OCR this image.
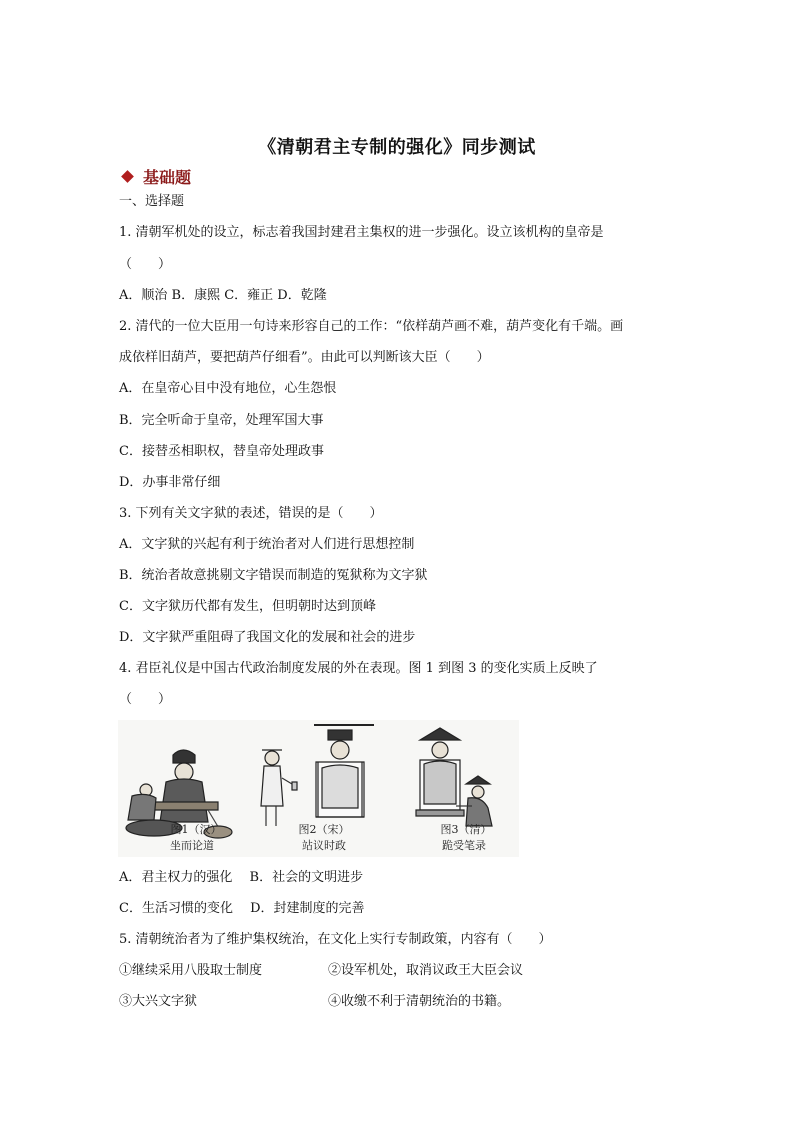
《清朝君主专制的强化》同步测试
基础题
一、选择题
1. 清朝军机处的设立，标志着我国封建君主集权的进一步强化。设立该机构的皇帝是
（　　）
A．顺治 B．康熙 C．雍正 D．乾隆
2. 清代的一位大臣用一句诗来形容自己的工作：“依样葫芦画不难，葫芦变化有千端。画
成依样旧葫芦，要把葫芦仔细看”。由此可以判断该大臣（　　）
A．在皇帝心目中没有地位，心生怨恨
B．完全听命于皇帝，处理军国大事
C．接替丞相职权，替皇帝处理政事
D．办事非常仔细
3. 下列有关文字狱的表述，错误的是（　　）
A．文字狱的兴起有利于统治者对人们进行思想控制
B．统治者故意挑剔文字错误而制造的冤狱称为文字狱
C．文字狱历代都有发生，但明朝时达到顶峰
D．文字狱严重阻碍了我国文化的发展和社会的进步
4. 君臣礼仪是中国古代政治制度发展的外在表现。图 1 到图 3 的变化实质上反映了
（　　）
图1（汉）
坐而论道
图2（宋）
站议时政
图3（清）
跪受笔录
A．君主权力的强化　 B．社会的文明进步
C．生活习惯的变化　 D．封建制度的完善
5. 清朝统治者为了维护集权统治，在文化上实行专制政策，内容有（　　）
①继续采用八股取士制度	②设军机处，取消议政王大臣会议
③大兴文字狱	④收缴不利于清朝统治的书籍。
